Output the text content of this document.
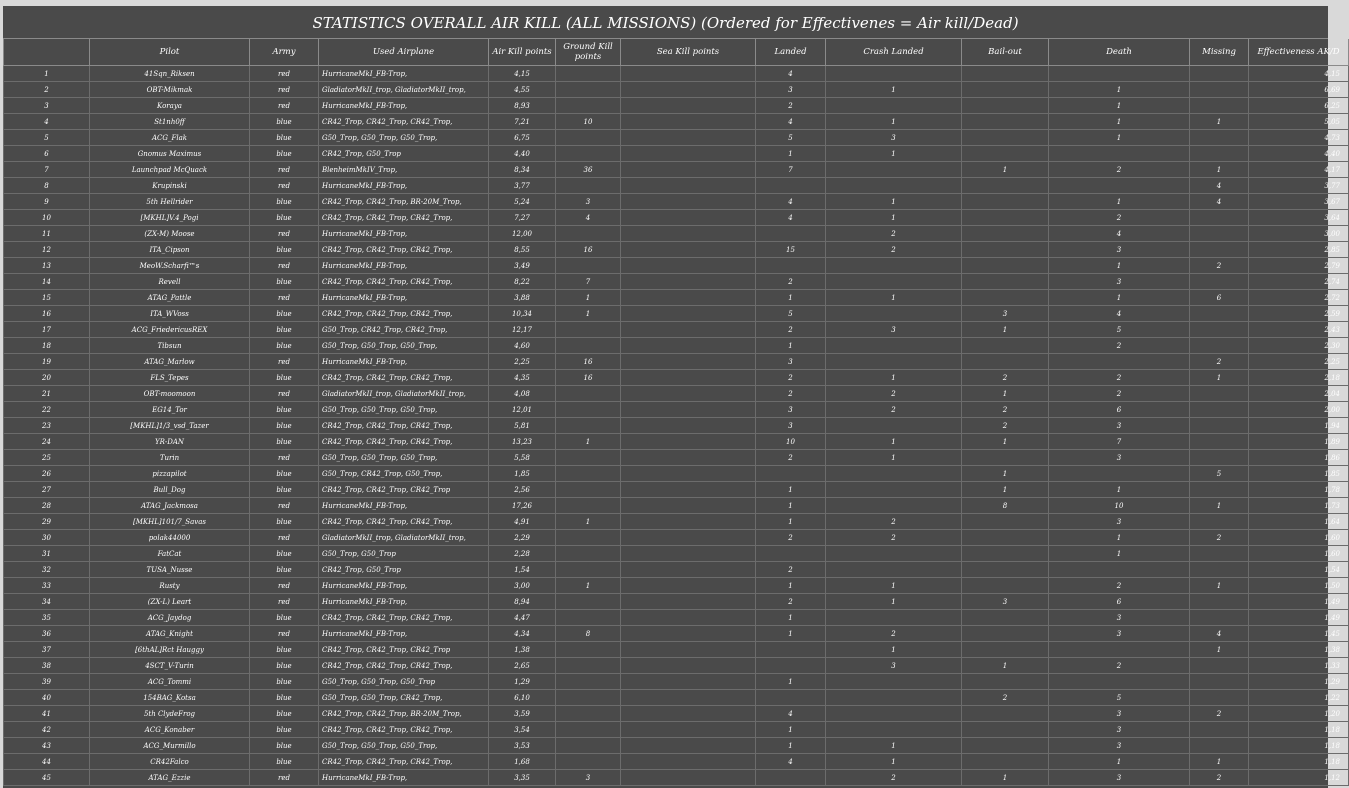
STATISTICS OVERALL AIR KILL (ALL MISSIONS) (Ordered for Effectivenes = Air kill/Dead)
	Pilot	Army	Used Airplane	Air Kill points	Ground Kill points	Sea Kill points	Landed	Crash Landed	Bail-out	Death	Missing	Effectiveness AK/D
1	41Sqn_Riksen	red	HurricaneMkI_FB-Trop,	4,15			4					4,15
2	OBT-Mikmak	red	GladiatorMkII_trop, GladiatorMkII_trop,	4,55			3	1		1		6,69
3	Koraya	red	HurricaneMkI_FB-Trop,	8,93			2			1		6,25
4	St1nh0ff	blue	CR42_Trop, CR42_Trop, CR42_Trop,	7,21	10		4	1		1	1	5,05
5	ACG_Flak	blue	G50_Trop, G50_Trop, G50_Trop,	6,75			5	3		1		4,73
6	Gnomus Maximus	blue	CR42_Trop, G50_Trop	4,40			1	1				4,40
7	Launchpad McQuack	red	BlenheimMkIV_Trop,	8,34	36		7		1	2	1	4,17
8	Krupinski	red	HurricaneMkI_FB-Trop,	3,77							4	3,77
9	5th Hellrider	blue	CR42_Trop, CR42_Trop, BR-20M_Trop,	5,24	3		4	1		1	4	3,67
10	[MKHL]V.4_Pogi	blue	CR42_Trop, CR42_Trop, CR42_Trop,	7,27	4		4	1		2		3,64
11	(ZX-M) Moose	red	HurricaneMkI_FB-Trop,	12,00				2		4		3,00
12	ITA_Cipson	blue	CR42_Trop, CR42_Trop, CR42_Trop,	8,55	16		15	2		3		2,85
13	MeoW.Scharfi™s	red	HurricaneMkI_FB-Trop,	3,49						1	2	2,79
14	Revell	blue	CR42_Trop, CR42_Trop, CR42_Trop,	8,22	7		2			3		2,74
15	ATAG_Pattle	red	HurricaneMkI_FB-Trop,	3,88	1		1	1		1	6	2,72
16	ITA_WVoss	blue	CR42_Trop, CR42_Trop, CR42_Trop,	10,34	1		5		3	4		2,59
17	ACG_FriedericusREX	blue	G50_Trop, CR42_Trop, CR42_Trop,	12,17			2	3	1	5		2,43
18	Tibsun	blue	G50_Trop, G50_Trop, G50_Trop,	4,60			1			2		2,30
19	ATAG_Marlow	red	HurricaneMkI_FB-Trop,	2,25	16		3				2	2,25
20	FLS_Tepes	blue	CR42_Trop, CR42_Trop, CR42_Trop,	4,35	16		2	1	2	2	1	2,18
21	OBT-moomoon	red	GladiatorMkII_trop, GladiatorMkII_trop,	4,08			2	2	1	2		2,04
22	EG14_Tor	blue	G50_Trop, G50_Trop, G50_Trop,	12,01			3	2	2	6		2,00
23	[MKHL]1/3_vsd_Tazer	blue	CR42_Trop, CR42_Trop, CR42_Trop,	5,81			3		2	3		1,94
24	YR-DAN	blue	CR42_Trop, CR42_Trop, CR42_Trop,	13,23	1		10	1	1	7		1,89
25	Turin	red	G50_Trop, G50_Trop, G50_Trop,	5,58			2	1		3		1,86
26	pizzapilot	blue	G50_Trop, CR42_Trop, G50_Trop,	1,85					1		5	1,85
27	Bull_Dog	blue	CR42_Trop, CR42_Trop, CR42_Trop	2,56			1		1	1		1,78
28	ATAG_Jackmosa	red	HurricaneMkI_FB-Trop,	17,26			1		8	10	1	1,73
29	[MKHL]101/7_Savas	blue	CR42_Trop, CR42_Trop, CR42_Trop,	4,91	1		1	2		3		1,64
30	polak44000	red	GladiatorMkII_trop, GladiatorMkII_trop,	2,29			2	2		1	2	1,60
31	FatCat	blue	G50_Trop, G50_Trop	2,28						1		1,60
32	TUSA_Nusse	blue	CR42_Trop, G50_Trop	1,54			2					1,54
33	Rusty	red	HurricaneMkI_FB-Trop,	3,00	1		1	1		2	1	1,50
34	(ZX-L) Leart	red	HurricaneMkI_FB-Trop,	8,94			2	1	3	6		1,49
35	ACG_Jaydog	blue	CR42_Trop, CR42_Trop, CR42_Trop,	4,47			1			3		1,49
36	ATAG_Knight	red	HurricaneMkI_FB-Trop,	4,34	8		1	2		3	4	1,45
37	[6thAL]Rct Hauggy	blue	CR42_Trop, CR42_Trop, CR42_Trop	1,38				1			1	1,38
38	4SCT_V-Turin	blue	CR42_Trop, CR42_Trop, CR42_Trop,	2,65				3	1	2		1,33
39	ACG_Tommi	blue	G50_Trop, G50_Trop, G50_Trop	1,29			1					1,29
40	154BAG_Kotsa	blue	G50_Trop, G50_Trop, CR42_Trop,	6,10					2	5		1,22
41	5th ClydeFrog	blue	CR42_Trop, CR42_Trop, BR-20M_Trop,	3,59			4			3	2	1,20
42	ACG_Konaber	blue	CR42_Trop, CR42_Trop, CR42_Trop,	3,54			1			3		1,18
43	ACG_Murmillo	blue	G50_Trop, G50_Trop, G50_Trop,	3,53			1	1		3		1,18
44	CR42Falco	blue	CR42_Trop, CR42_Trop, CR42_Trop,	1,68			4	1		1	1	1,18
45	ATAG_Ezzie	red	HurricaneMkI_FB-Trop,	3,35	3			2	1	3	2	1,12
